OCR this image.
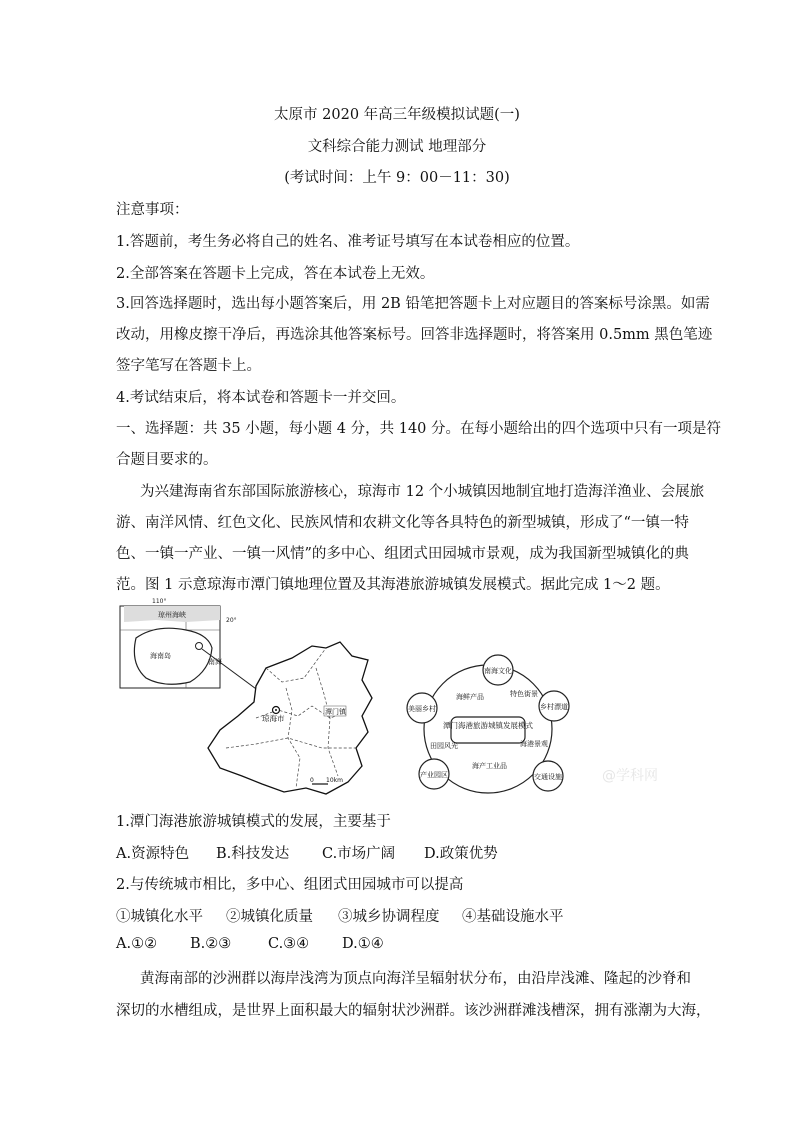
太原市 2020 年高三年级模拟试题(一)
文科综合能力测试 地理部分
(考试时间：上午 9：00－11：30)
注意事项：
1.答题前，考生务必将自己的姓名、准考证号填写在本试卷相应的位置。
2.全部答案在答题卡上完成，答在本试卷上无效。
3.回答选择题时，选出每小题答案后，用 2B 铅笔把答题卡上对应题目的答案标号涂黑。如需
改动，用橡皮擦干净后，再选涂其他答案标号。回答非选择题时，将答案用 0.5mm 黑色笔迹
签字笔写在答题卡上。
4.考试结束后，将本试卷和答题卡一并交回。
一、选择题：共 35 小题，每小题 4 分，共 140 分。在每小题给出的四个选项中只有一项是符
合题目要求的。
为兴建海南省东部国际旅游核心，琼海市 12 个小城镇因地制宜地打造海洋渔业、会展旅
游、南洋风情、红色文化、民族风情和农耕文化等各具特色的新型城镇，形成了“一镇一特
色、一镇一产业、一镇一风情”的多中心、组团式田园城市景观，成为我国新型城镇化的典
范。图 1 示意琼海市潭门镇地理位置及其海港旅游城镇发展模式。据此完成 1～2 题。
110°
20°
琼州海峡
海南岛
南海
琼海市
潭门镇
0 10km
潭门海港旅游城镇发展模式
南海文化
乡村漂道
交通设施
产业园区
美丽乡村
海鲜产品	特色街景
海港景观
海产工业品
田园风光
@学科网
1.潭门海港旅游城镇模式的发展，主要基于
A.资源特色 B.科技发达 C.市场广阔 D.政策优势
2.与传统城市相比，多中心、组团式田园城市可以提高
①城镇化水平 ②城镇化质量 ③城乡协调程度 ④基础设施水平
A.①② B.②③	C.③④ D.①④
黄海南部的沙洲群以海岸浅湾为顶点向海洋呈辐射状分布，由沿岸浅滩、隆起的沙脊和
深切的水槽组成，是世界上面积最大的辐射状沙洲群。该沙洲群滩浅槽深，拥有涨潮为大海，
